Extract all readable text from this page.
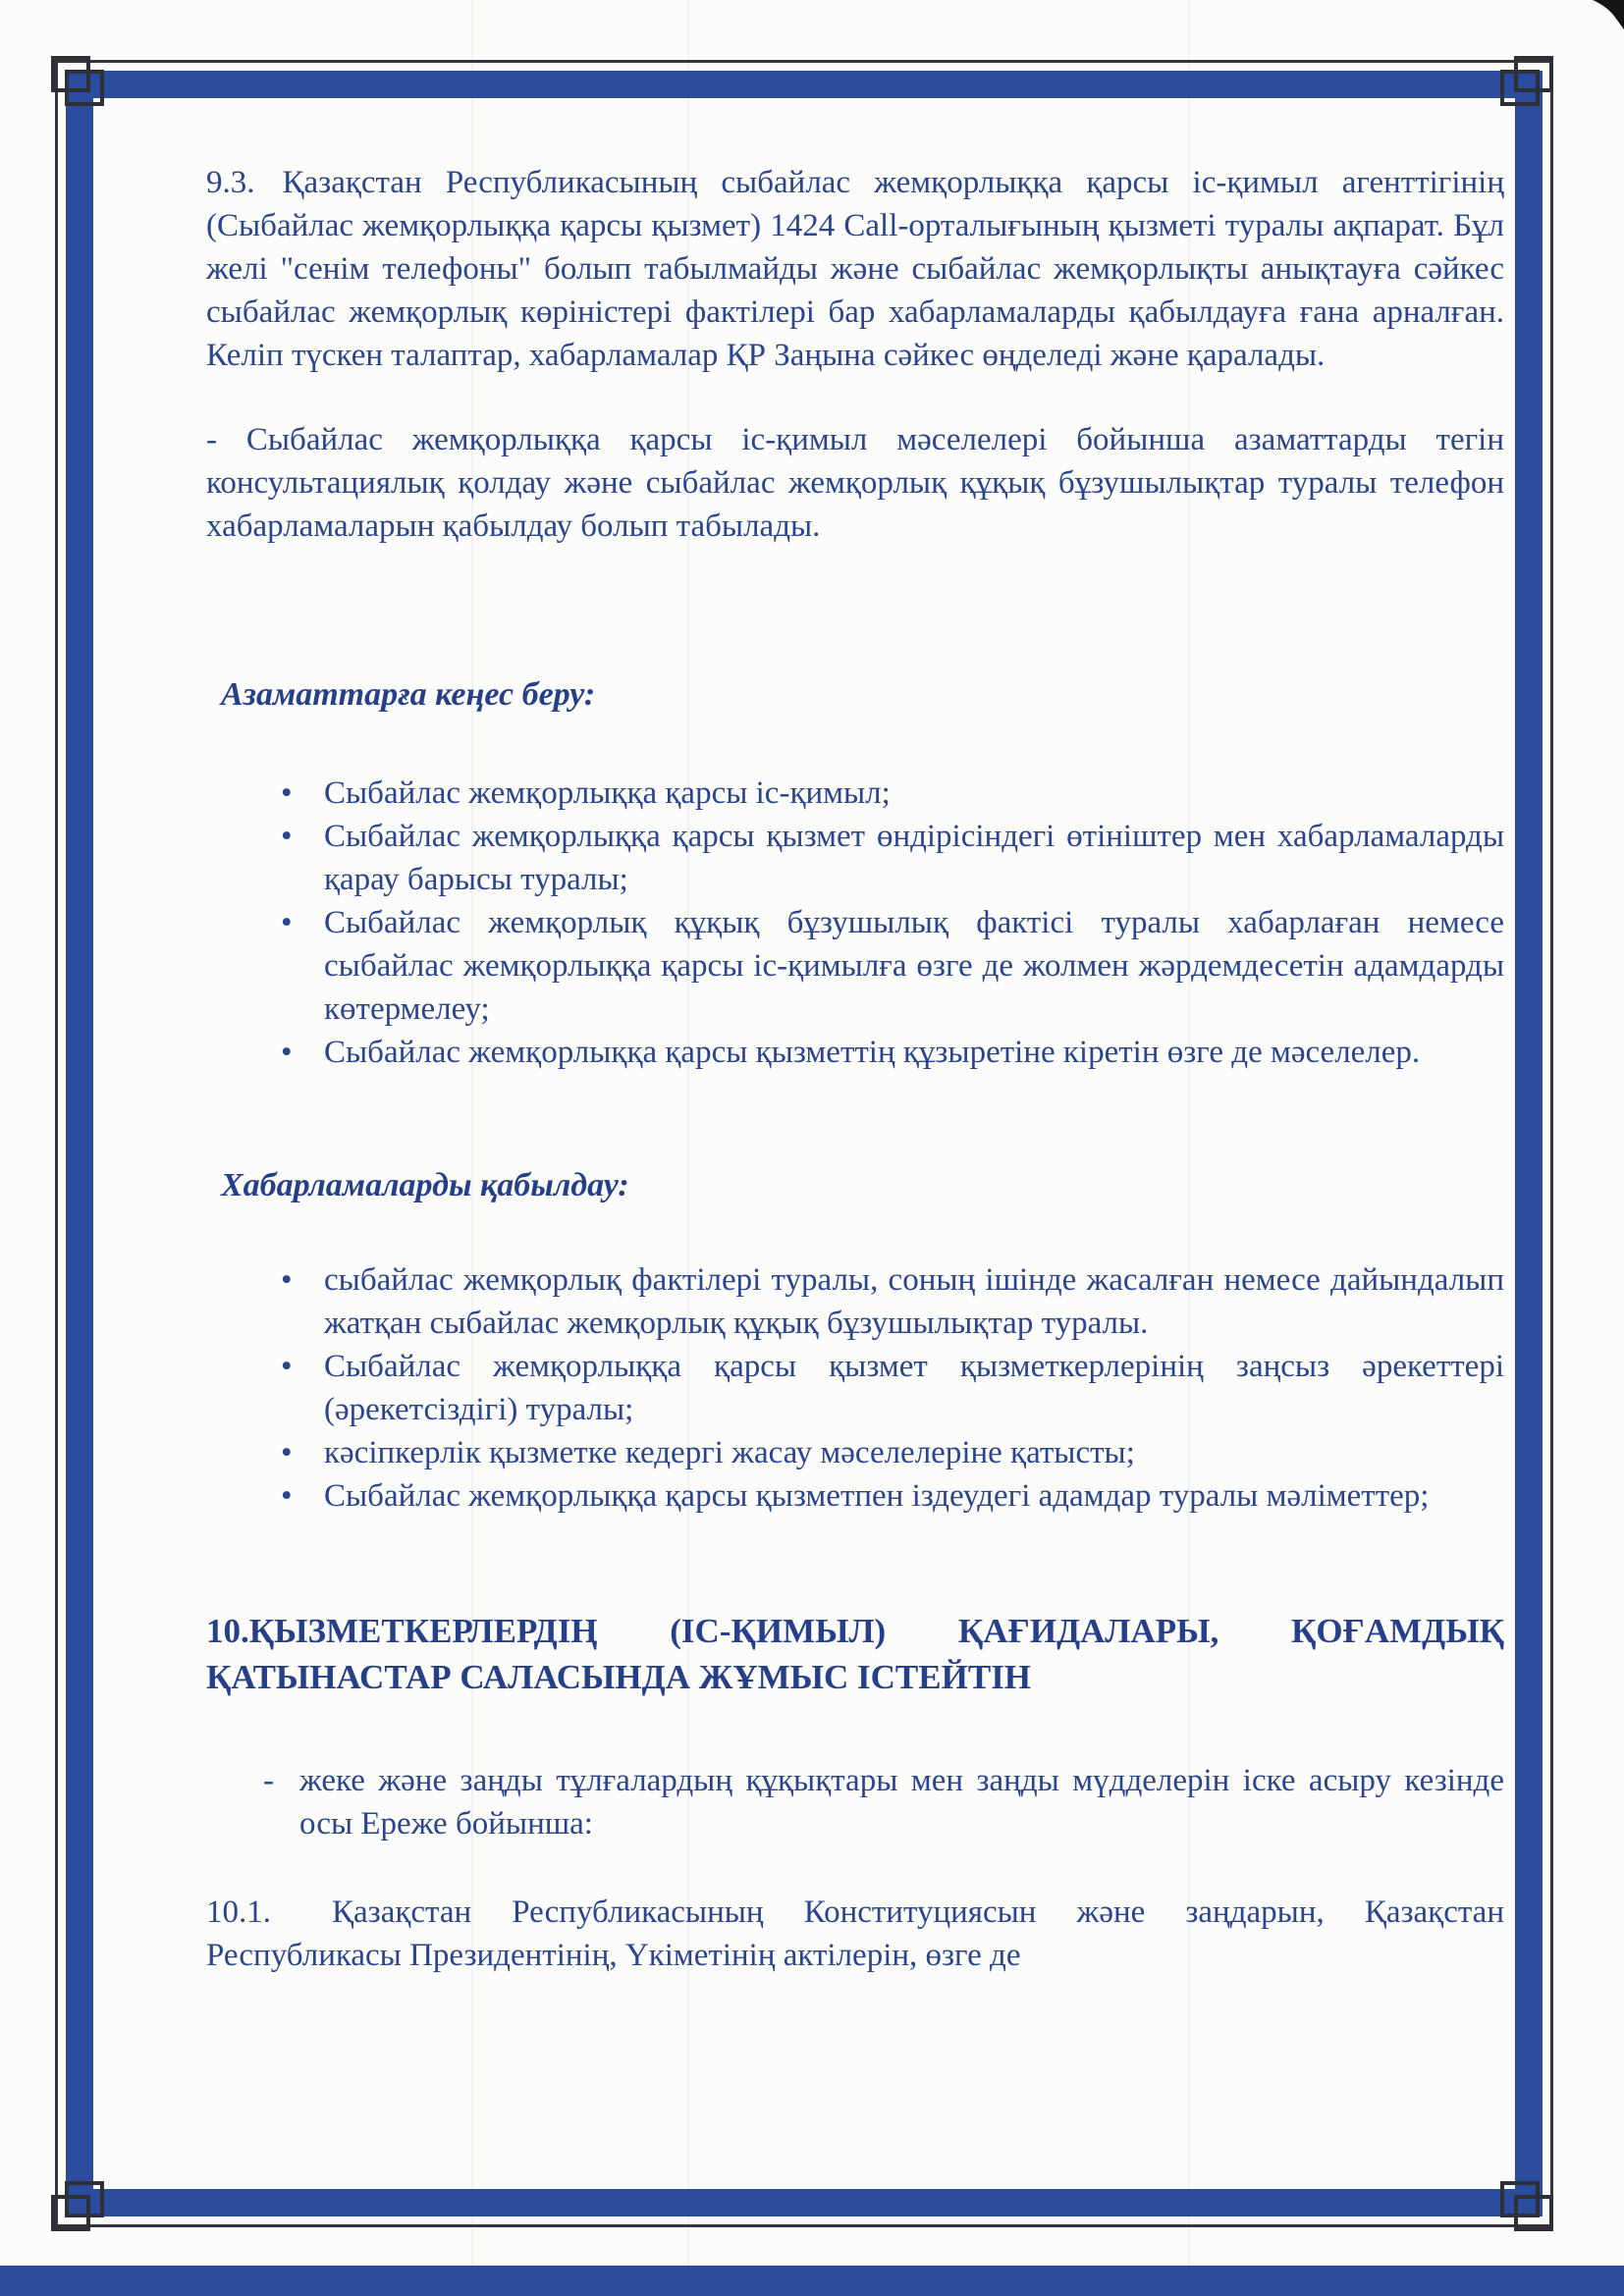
9.3. Қазақстан Республикасының сыбайлас жемқорлыққа қарсы іс-қимыл агенттігінің (Сыбайлас жемқорлыққа қарсы қызмет) 1424 Call-орталығының қызметі туралы ақпарат. Бұл желі "сенім телефоны" болып табылмайды және сыбайлас жемқорлықты анықтауға сәйкес сыбайлас жемқорлық көріністері фактілері бар хабарламаларды қабылдауға ғана арналған. Келіп түскен талаптар, хабарламалар ҚР Заңына сәйкес өңделеді және қаралады.

- Сыбайлас жемқорлыққа қарсы іс-қимыл мәселелері бойынша азаматтарды тегін консультациялық қолдау және сыбайлас жемқорлық құқық бұзушылықтар туралы телефон хабарламаларын қабылдау болып табылады.

Азаматтарға кеңес беру:

• Сыбайлас жемқорлыққа қарсы іс-қимыл;
• Сыбайлас жемқорлыққа қарсы қызмет өндірісіндегі өтініштер мен хабарламаларды қарау барысы туралы;
• Сыбайлас жемқорлық құқық бұзушылық фактісі туралы хабарлаған немесе сыбайлас жемқорлыққа қарсы іс-қимылға өзге де жолмен жәрдемдесетін адамдарды көтермелеу;
• Сыбайлас жемқорлыққа қарсы қызметтің құзыретіне кіретін өзге де мәселелер.

Хабарламаларды қабылдау:

• сыбайлас жемқорлық фактілері туралы, соның ішінде жасалған немесе дайындалып жатқан сыбайлас жемқорлық құқық бұзушылықтар туралы.
• Сыбайлас жемқорлыққа қарсы қызмет қызметкерлерінің заңсыз әрекеттері (әрекетсіздігі) туралы;
• кәсіпкерлік қызметке кедергі жасау мәселелеріне қатысты;
• Сыбайлас жемқорлыққа қарсы қызметпен іздеудегі адамдар туралы мәліметтер;

10.ҚЫЗМЕТКЕРЛЕРДІҢ (ІС-ҚИМЫЛ) ҚАҒИДАЛАРЫ, ҚОҒАМДЫҚ ҚАТЫНАСТАР САЛАСЫНДА ЖҰМЫС ІСТЕЙТІН

- жеке және заңды тұлғалардың құқықтары мен заңды мүдделерін іске асыру кезінде осы Ереже бойынша:

10.1. Қазақстан Республикасының Конституциясын және заңдарын, Қазақстан Республикасы Президентінің, Үкіметінің актілерін, өзге де
